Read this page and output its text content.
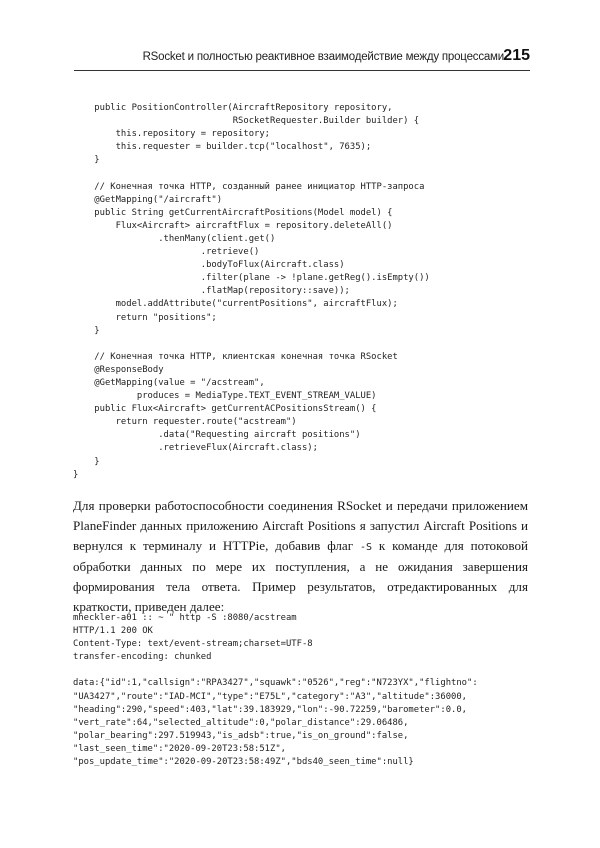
RSocket и полностью реактивное взаимодействие между процессами 215
public PositionController(AircraftRepository repository,
RSocketRequester.Builder builder) {
this.repository = repository;
this.requester = builder.tcp("localhost", 7635);
}

// Конечная точка HTTP, созданный ранее инициатор HTTP-запроса
@GetMapping("/aircraft")
public String getCurrentAircraftPositions(Model model) {
Flux<Aircraft> aircraftFlux = repository.deleteAll()
.thenMany(client.get()
.retrieve()
.bodyToFlux(Aircraft.class)
.filter(plane -> !plane.getReg().isEmpty())
.flatMap(repository::save));
model.addAttribute("currentPositions", aircraftFlux);
return "positions";
}

// Конечная точка HTTP, клиентская конечная точка RSocket
@ResponseBody
@GetMapping(value = "/acstream",
produces = MediaType.TEXT_EVENT_STREAM_VALUE)
public Flux<Aircraft> getCurrentACPositionsStream() {
return requester.route("acstream")
.data("Requesting aircraft positions")
.retrieveFlux(Aircraft.class);
}
}

Для проверки работоспособности соединения RSocket и передачи приложением PlaneFinder данных приложению Aircraft Positions я запустил Aircraft Positions и вернулся к терминалу и HTTPie, добавив флаг -S к команде для потоковой обработки данных по мере их поступления, а не ожидания завершения формирования тела ответа. Пример результатов, отредактированных для краткости, приведен далее:

mheckler-a01 :: ~ " http -S :8080/acstream
HTTP/1.1 200 OK
Content-Type: text/event-stream;charset=UTF-8
transfer-encoding: chunked

data:{"id":1,"callsign":"RPA3427","squawk":"0526","reg":"N723YX","flightno":
"UA3427","route":"IAD-MCI","type":"E75L","category":"A3","altitude":36000,
"heading":290,"speed":403,"lat":39.183929,"lon":-90.72259,"barometer":0.0,
"vert_rate":64,"selected_altitude":0,"polar_distance":29.06486,
"polar_bearing":297.519943,"is_adsb":true,"is_on_ground":false,
"last_seen_time":"2020-09-20T23:58:51Z",
"pos_update_time":"2020-09-20T23:58:49Z","bds40_seen_time":null}
